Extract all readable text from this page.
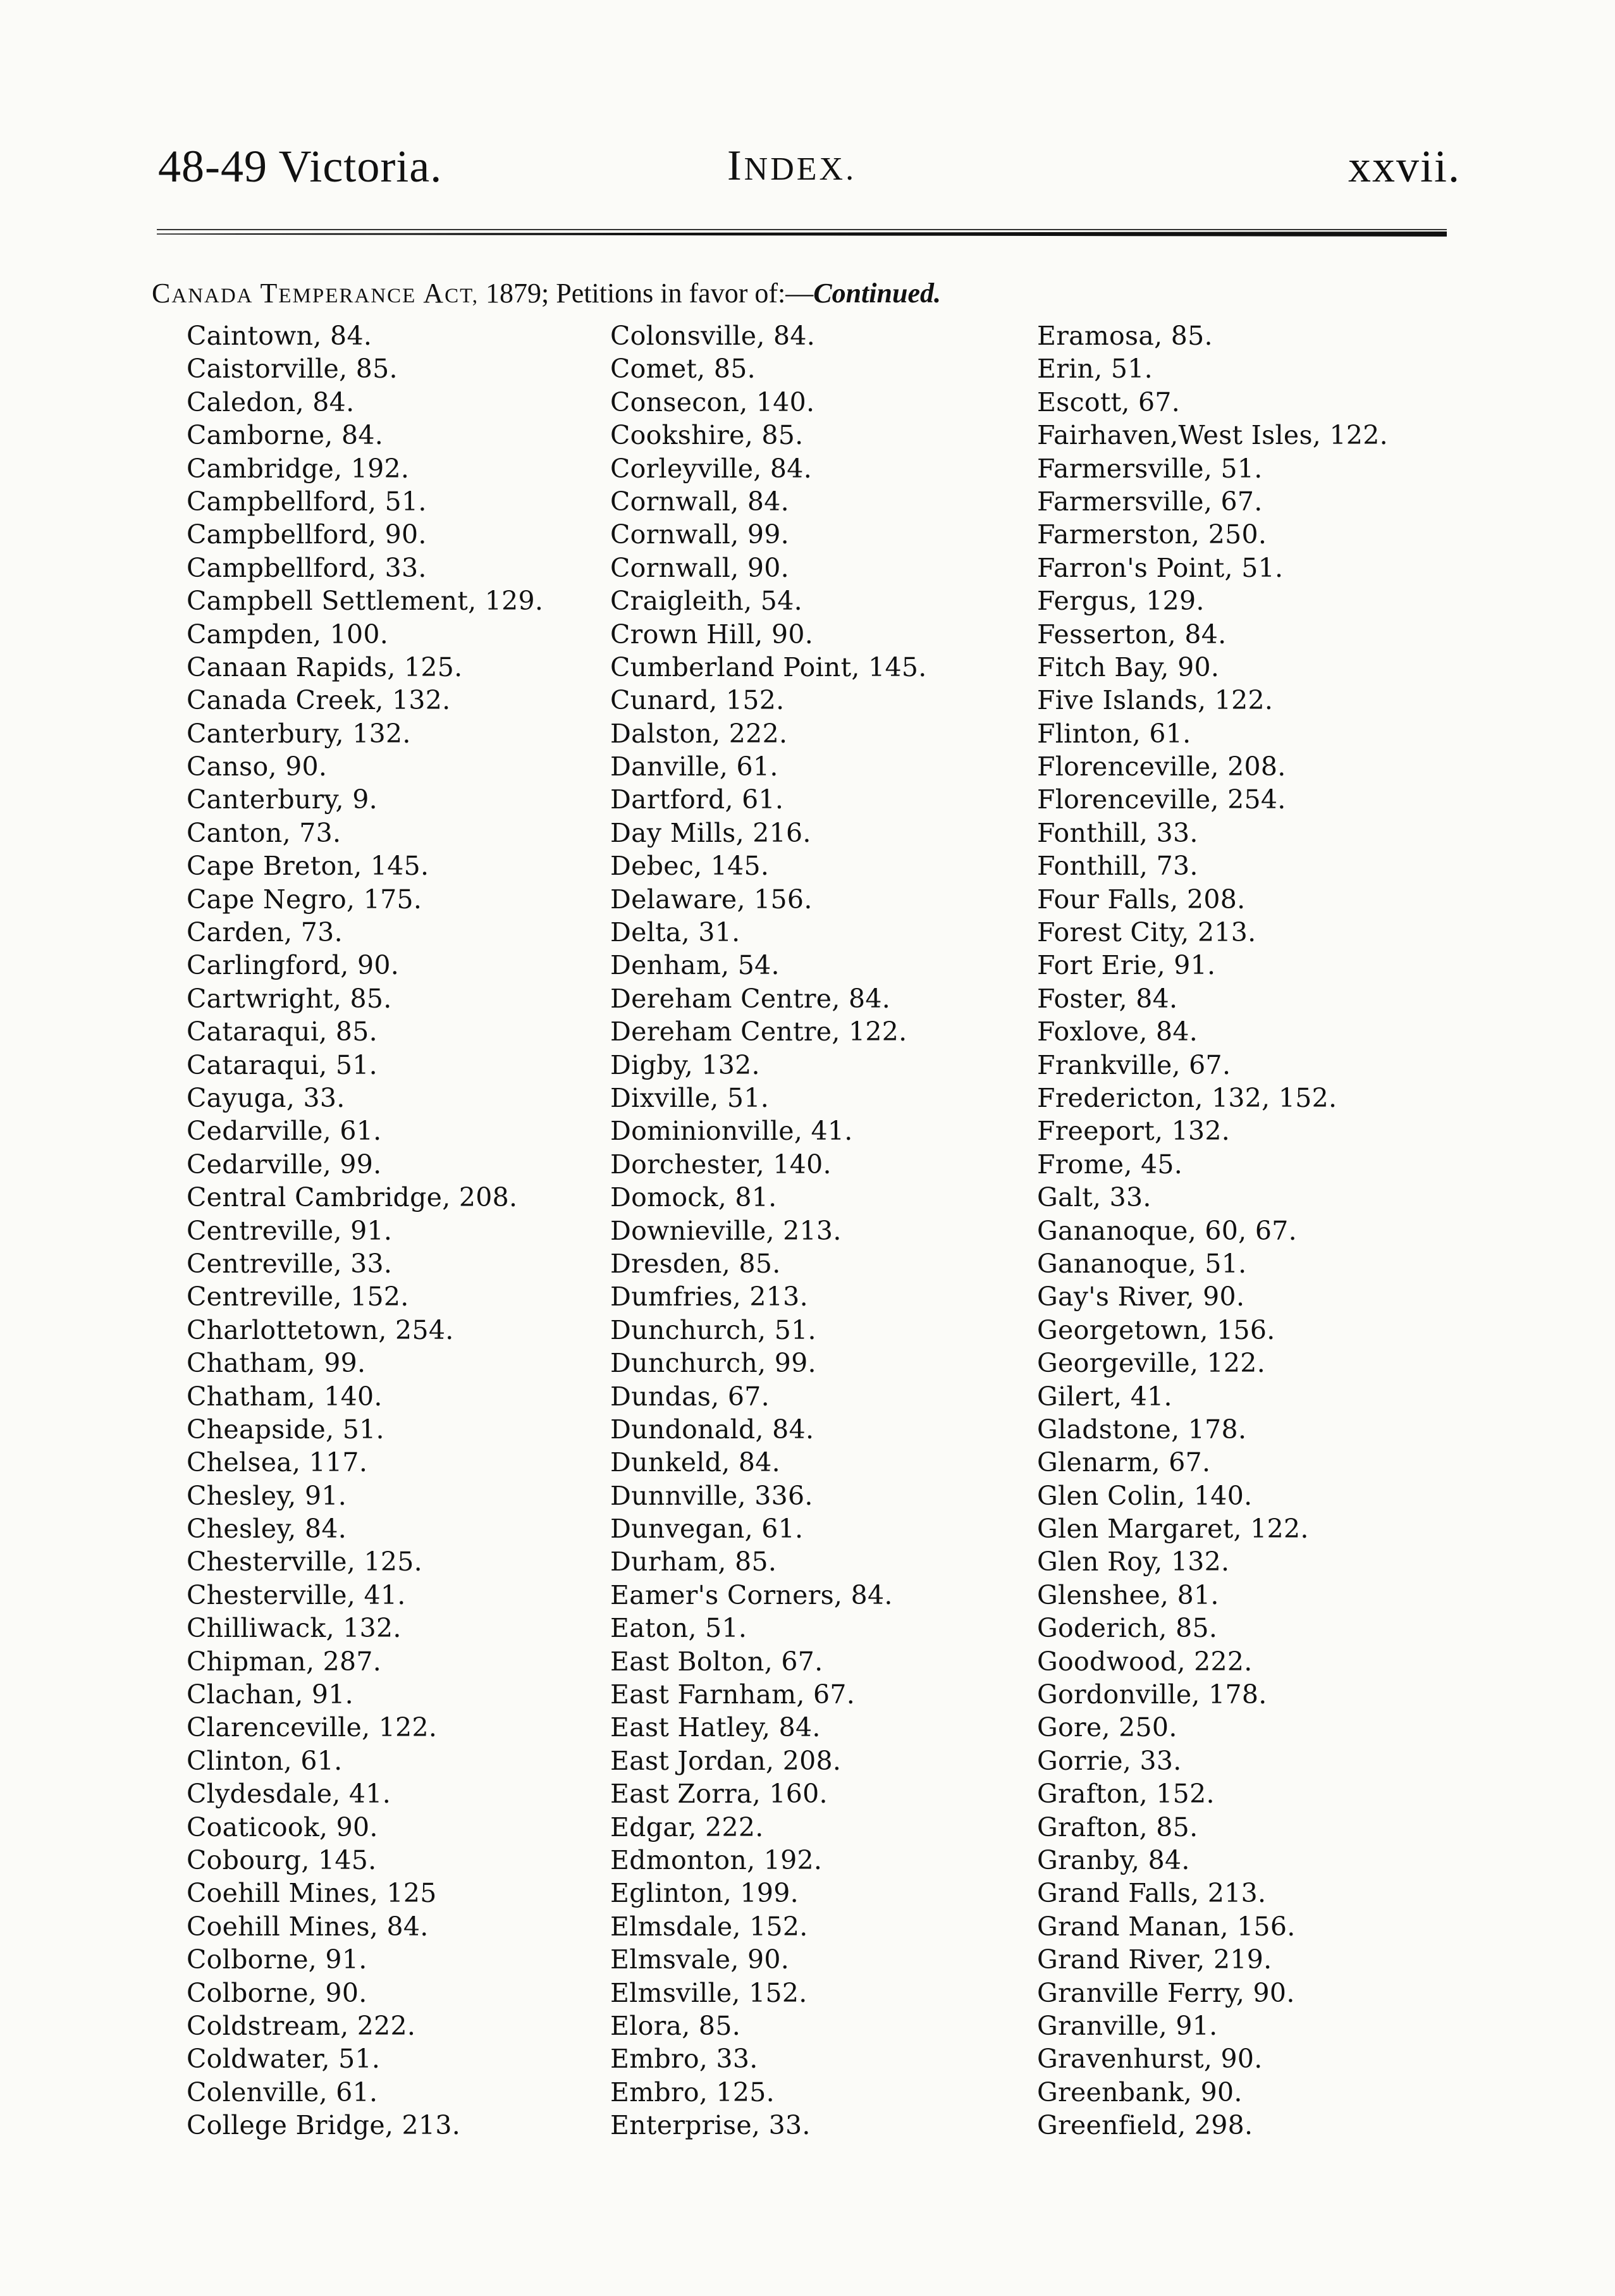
48-49 Victoria.	INDEX.	xxvii.
CANADA TEMPERANCE ACT, 1879; Petitions in favor of:—Continued.
Caintown, 84.
Caistorville, 85.
Caledon, 84.
Camborne, 84.
Cambridge, 192.
Campbellford, 51.
Campbellford, 90.
Campbellford, 33.
Campbell Settlement, 129.
Campden, 100.
Canaan Rapids, 125.
Canada Creek, 132.
Canterbury, 132.
Canso, 90.
Canterbury, 9.
Canton, 73.
Cape Breton, 145.
Cape Negro, 175.
Carden, 73.
Carlingford, 90.
Cartwright, 85.
Cataraqui, 85.
Cataraqui, 51.
Cayuga, 33.
Cedarville, 61.
Cedarville, 99.
Central Cambridge, 208.
Centreville, 91.
Centreville, 33.
Centreville, 152.
Charlottetown, 254.
Chatham, 99.
Chatham, 140.
Cheapside, 51.
Chelsea, 117.
Chesley, 91.
Chesley, 84.
Chesterville, 125.
Chesterville, 41.
Chilliwack, 132.
Chipman, 287.
Clachan, 91.
Clarenceville, 122.
Clinton, 61.
Clydesdale, 41.
Coaticook, 90.
Cobourg, 145.
Coehill Mines, 125
Coehill Mines, 84.
Colborne, 91.
Colborne, 90.
Coldstream, 222.
Coldwater, 51.
Colenville, 61.
College Bridge, 213.
Colonsville, 84.
Comet, 85.
Consecon, 140.
Cookshire, 85.
Corleyville, 84.
Cornwall, 84.
Cornwall, 99.
Cornwall, 90.
Craigleith, 54.
Crown Hill, 90.
Cumberland Point, 145.
Cunard, 152.
Dalston, 222.
Danville, 61.
Dartford, 61.
Day Mills, 216.
Debec, 145.
Delaware, 156.
Delta, 31.
Denham, 54.
Dereham Centre, 84.
Dereham Centre, 122.
Digby, 132.
Dixville, 51.
Dominionville, 41.
Dorchester, 140.
Domock, 81.
Downieville, 213.
Dresden, 85.
Dumfries, 213.
Dunchurch, 51.
Dunchurch, 99.
Dundas, 67.
Dundonald, 84.
Dunkeld, 84.
Dunnville, 336.
Dunvegan, 61.
Durham, 85.
Eamer's Corners, 84.
Eaton, 51.
East Bolton, 67.
East Farnham, 67.
East Hatley, 84.
East Jordan, 208.
East Zorra, 160.
Edgar, 222.
Edmonton, 192.
Eglinton, 199.
Elmsdale, 152.
Elmsvale, 90.
Elmsville, 152.
Elora, 85.
Embro, 33.
Embro, 125.
Enterprise, 33.
Eramosa, 85.
Erin, 51.
Escott, 67.
Fairhaven,West Isles, 122.
Farmersville, 51.
Farmersville, 67.
Farmerston, 250.
Farron's Point, 51.
Fergus, 129.
Fesserton, 84.
Fitch Bay, 90.
Five Islands, 122.
Flinton, 61.
Florenceville, 208.
Florenceville, 254.
Fonthill, 33.
Fonthill, 73.
Four Falls, 208.
Forest City, 213.
Fort Erie, 91.
Foster, 84.
Foxlove, 84.
Frankville, 67.
Fredericton, 132, 152.
Freeport, 132.
Frome, 45.
Galt, 33.
Gananoque, 60, 67.
Gananoque, 51.
Gay's River, 90.
Georgetown, 156.
Georgeville, 122.
Gilert, 41.
Gladstone, 178.
Glenarm, 67.
Glen Colin, 140.
Glen Margaret, 122.
Glen Roy, 132.
Glenshee, 81.
Goderich, 85.
Goodwood, 222.
Gordonville, 178.
Gore, 250.
Gorrie, 33.
Grafton, 152.
Grafton, 85.
Granby, 84.
Grand Falls, 213.
Grand Manan, 156.
Grand River, 219.
Granville Ferry, 90.
Granville, 91.
Gravenhurst, 90.
Greenbank, 90.
Greenfield, 298.
